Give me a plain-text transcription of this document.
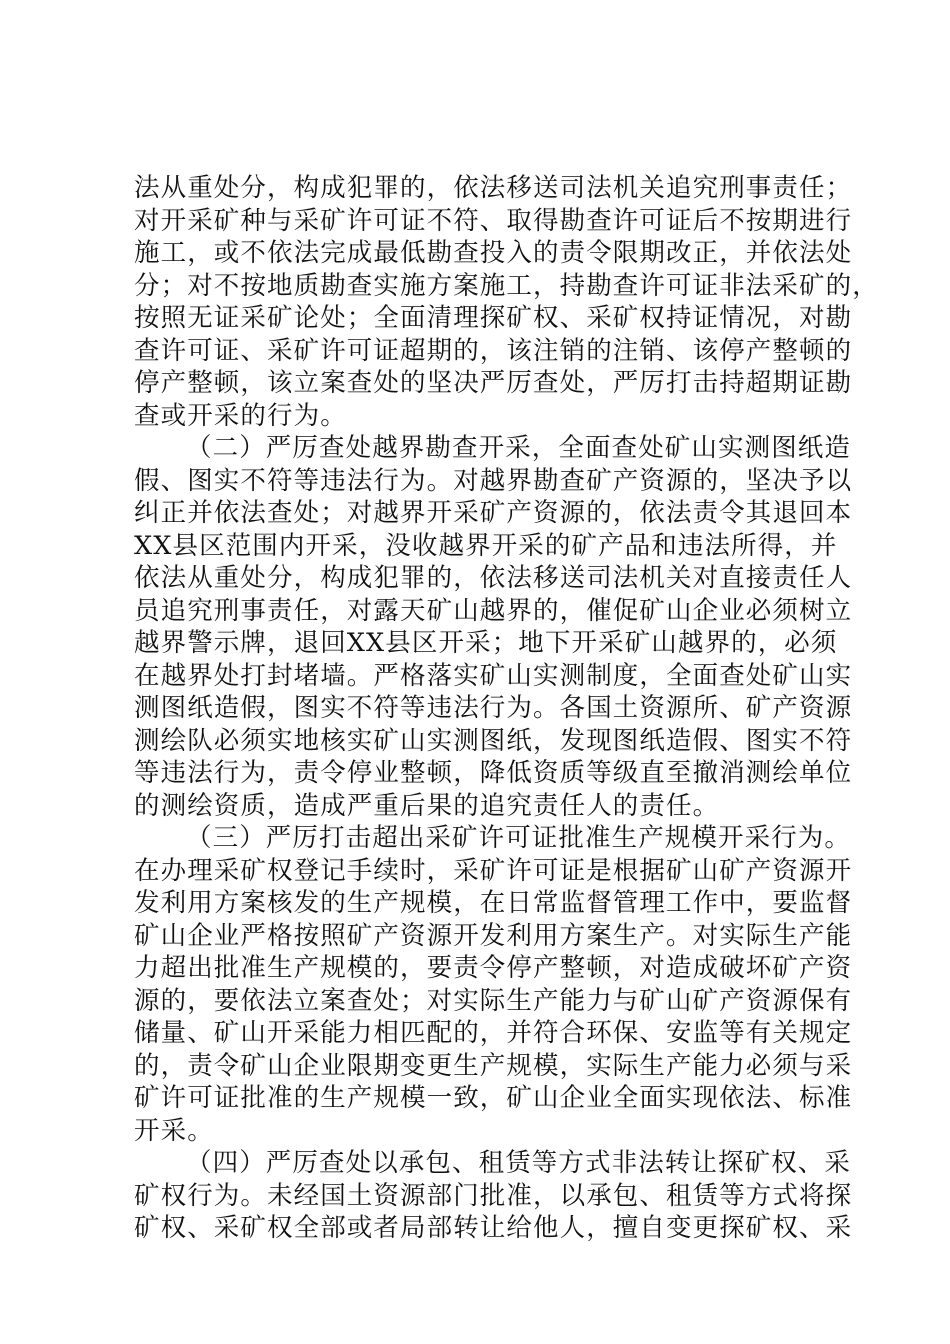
法从重处分，构成犯罪的，依法移送司法机关追究刑事责任；
对开采矿种与采矿许可证不符、取得勘查许可证后不按期进行
施工，或不依法完成最低勘查投入的责令限期改正，并依法处
分；对不按地质勘查实施方案施工，持勘查许可证非法采矿的，
按照无证采矿论处；全面清理探矿权、采矿权持证情况，对勘
查许可证、采矿许可证超期的，该注销的注销、该停产整顿的
停产整顿，该立案查处的坚决严厉查处，严厉打击持超期证勘
查或开采的行为。
（二）严厉查处越界勘查开采，全面查处矿山实测图纸造
假、图实不符等违法行为。对越界勘查矿产资源的，坚决予以
纠正并依法查处；对越界开采矿产资源的，依法责令其退回本
XX县区范围内开采，没收越界开采的矿产品和违法所得，并
依法从重处分，构成犯罪的，依法移送司法机关对直接责任人
员追究刑事责任，对露天矿山越界的，催促矿山企业必须树立
越界警示牌，退回XX县区开采；地下开采矿山越界的，必须
在越界处打封堵墙。严格落实矿山实测制度，全面查处矿山实
测图纸造假，图实不符等违法行为。各国土资源所、矿产资源
测绘队必须实地核实矿山实测图纸，发现图纸造假、图实不符
等违法行为，责令停业整顿，降低资质等级直至撤消测绘单位
的测绘资质，造成严重后果的追究责任人的责任。
（三）严厉打击超出采矿许可证批准生产规模开采行为。
在办理采矿权登记手续时，采矿许可证是根据矿山矿产资源开
发利用方案核发的生产规模，在日常监督管理工作中，要监督
矿山企业严格按照矿产资源开发利用方案生产。对实际生产能
力超出批准生产规模的，要责令停产整顿，对造成破坏矿产资
源的，要依法立案查处；对实际生产能力与矿山矿产资源保有
储量、矿山开采能力相匹配的，并符合环保、安监等有关规定
的，责令矿山企业限期变更生产规模，实际生产能力必须与采
矿许可证批准的生产规模一致，矿山企业全面实现依法、标准
开采。
（四）严厉查处以承包、租赁等方式非法转让探矿权、采
矿权行为。未经国土资源部门批准，以承包、租赁等方式将探
矿权、采矿权全部或者局部转让给他人，擅自变更探矿权、采
